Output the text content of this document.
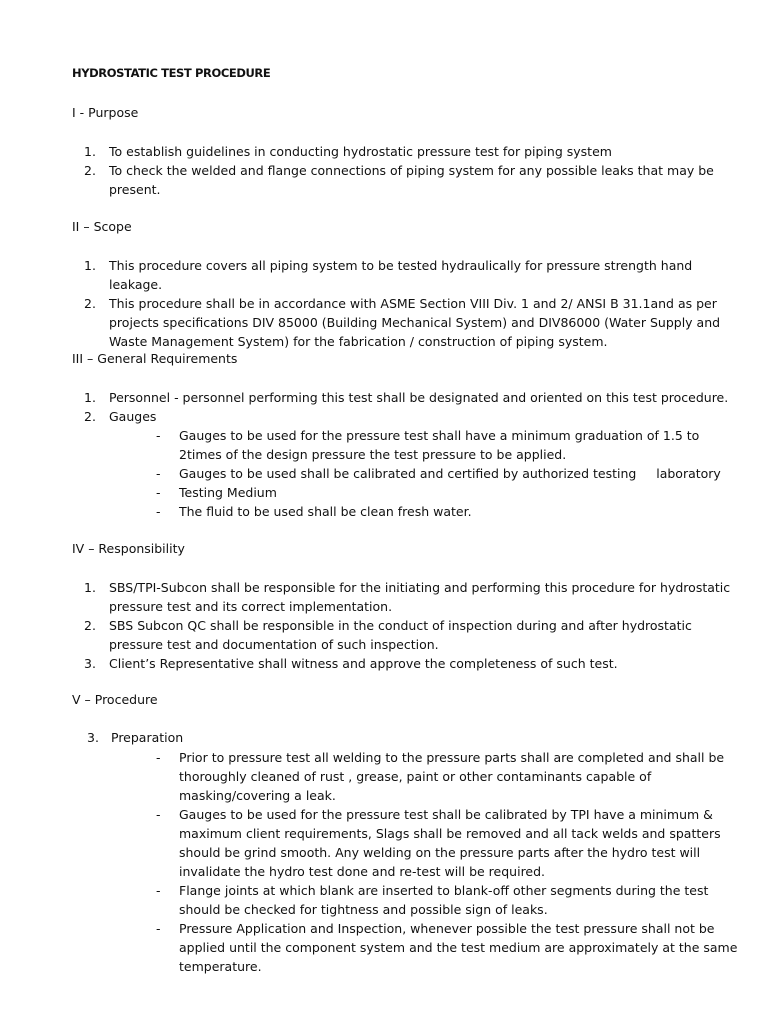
HYDROSTATIC TEST PROCEDURE
I - Purpose
1. To establish guidelines in conducting hydrostatic pressure test for piping system
2. To check the welded and flange connections of piping system for any possible leaks that may be present.
II – Scope
1. This procedure covers all piping system to be tested hydraulically for pressure strength hand leakage.
2. This procedure shall be in accordance with ASME Section VIII Div. 1 and 2/ ANSI B 31.1and as per projects specifications DIV 85000 (Building Mechanical System) and DIV86000 (Water Supply and Waste Management System) for the fabrication / construction of piping system.
III – General Requirements
1. Personnel - personnel performing this test shall be designated and oriented on this test procedure.
2. Gauges
- Gauges to be used for the pressure test shall have a minimum graduation of 1.5 to 2times of the design pressure the test pressure to be applied.
- Gauges to be used shall be calibrated and certified by authorized testing     laboratory
- Testing Medium
- The fluid to be used shall be clean fresh water.
IV – Responsibility
1. SBS/TPI-Subcon shall be responsible for the initiating and performing this procedure for hydrostatic pressure test and its correct implementation.
2. SBS Subcon QC shall be responsible in the conduct of inspection during and after hydrostatic pressure test and documentation of such inspection.
3. Client’s Representative shall witness and approve the completeness of such test.
V – Procedure
3. Preparation
- Prior to pressure test all welding to the pressure parts shall are completed and shall be thoroughly cleaned of rust , grease, paint or other contaminants capable of masking/covering a leak.
- Gauges to be used for the pressure test shall be calibrated by TPI have a minimum & maximum client requirements, Slags shall be removed and all tack welds and spatters should be grind smooth. Any welding on the pressure parts after the hydro test will invalidate the hydro test done and re-test will be required.
- Flange joints at which blank are inserted to blank-off other segments during the test should be checked for tightness and possible sign of leaks.
- Pressure Application and Inspection, whenever possible the test pressure shall not be applied until the component system and the test medium are approximately at the same temperature.
